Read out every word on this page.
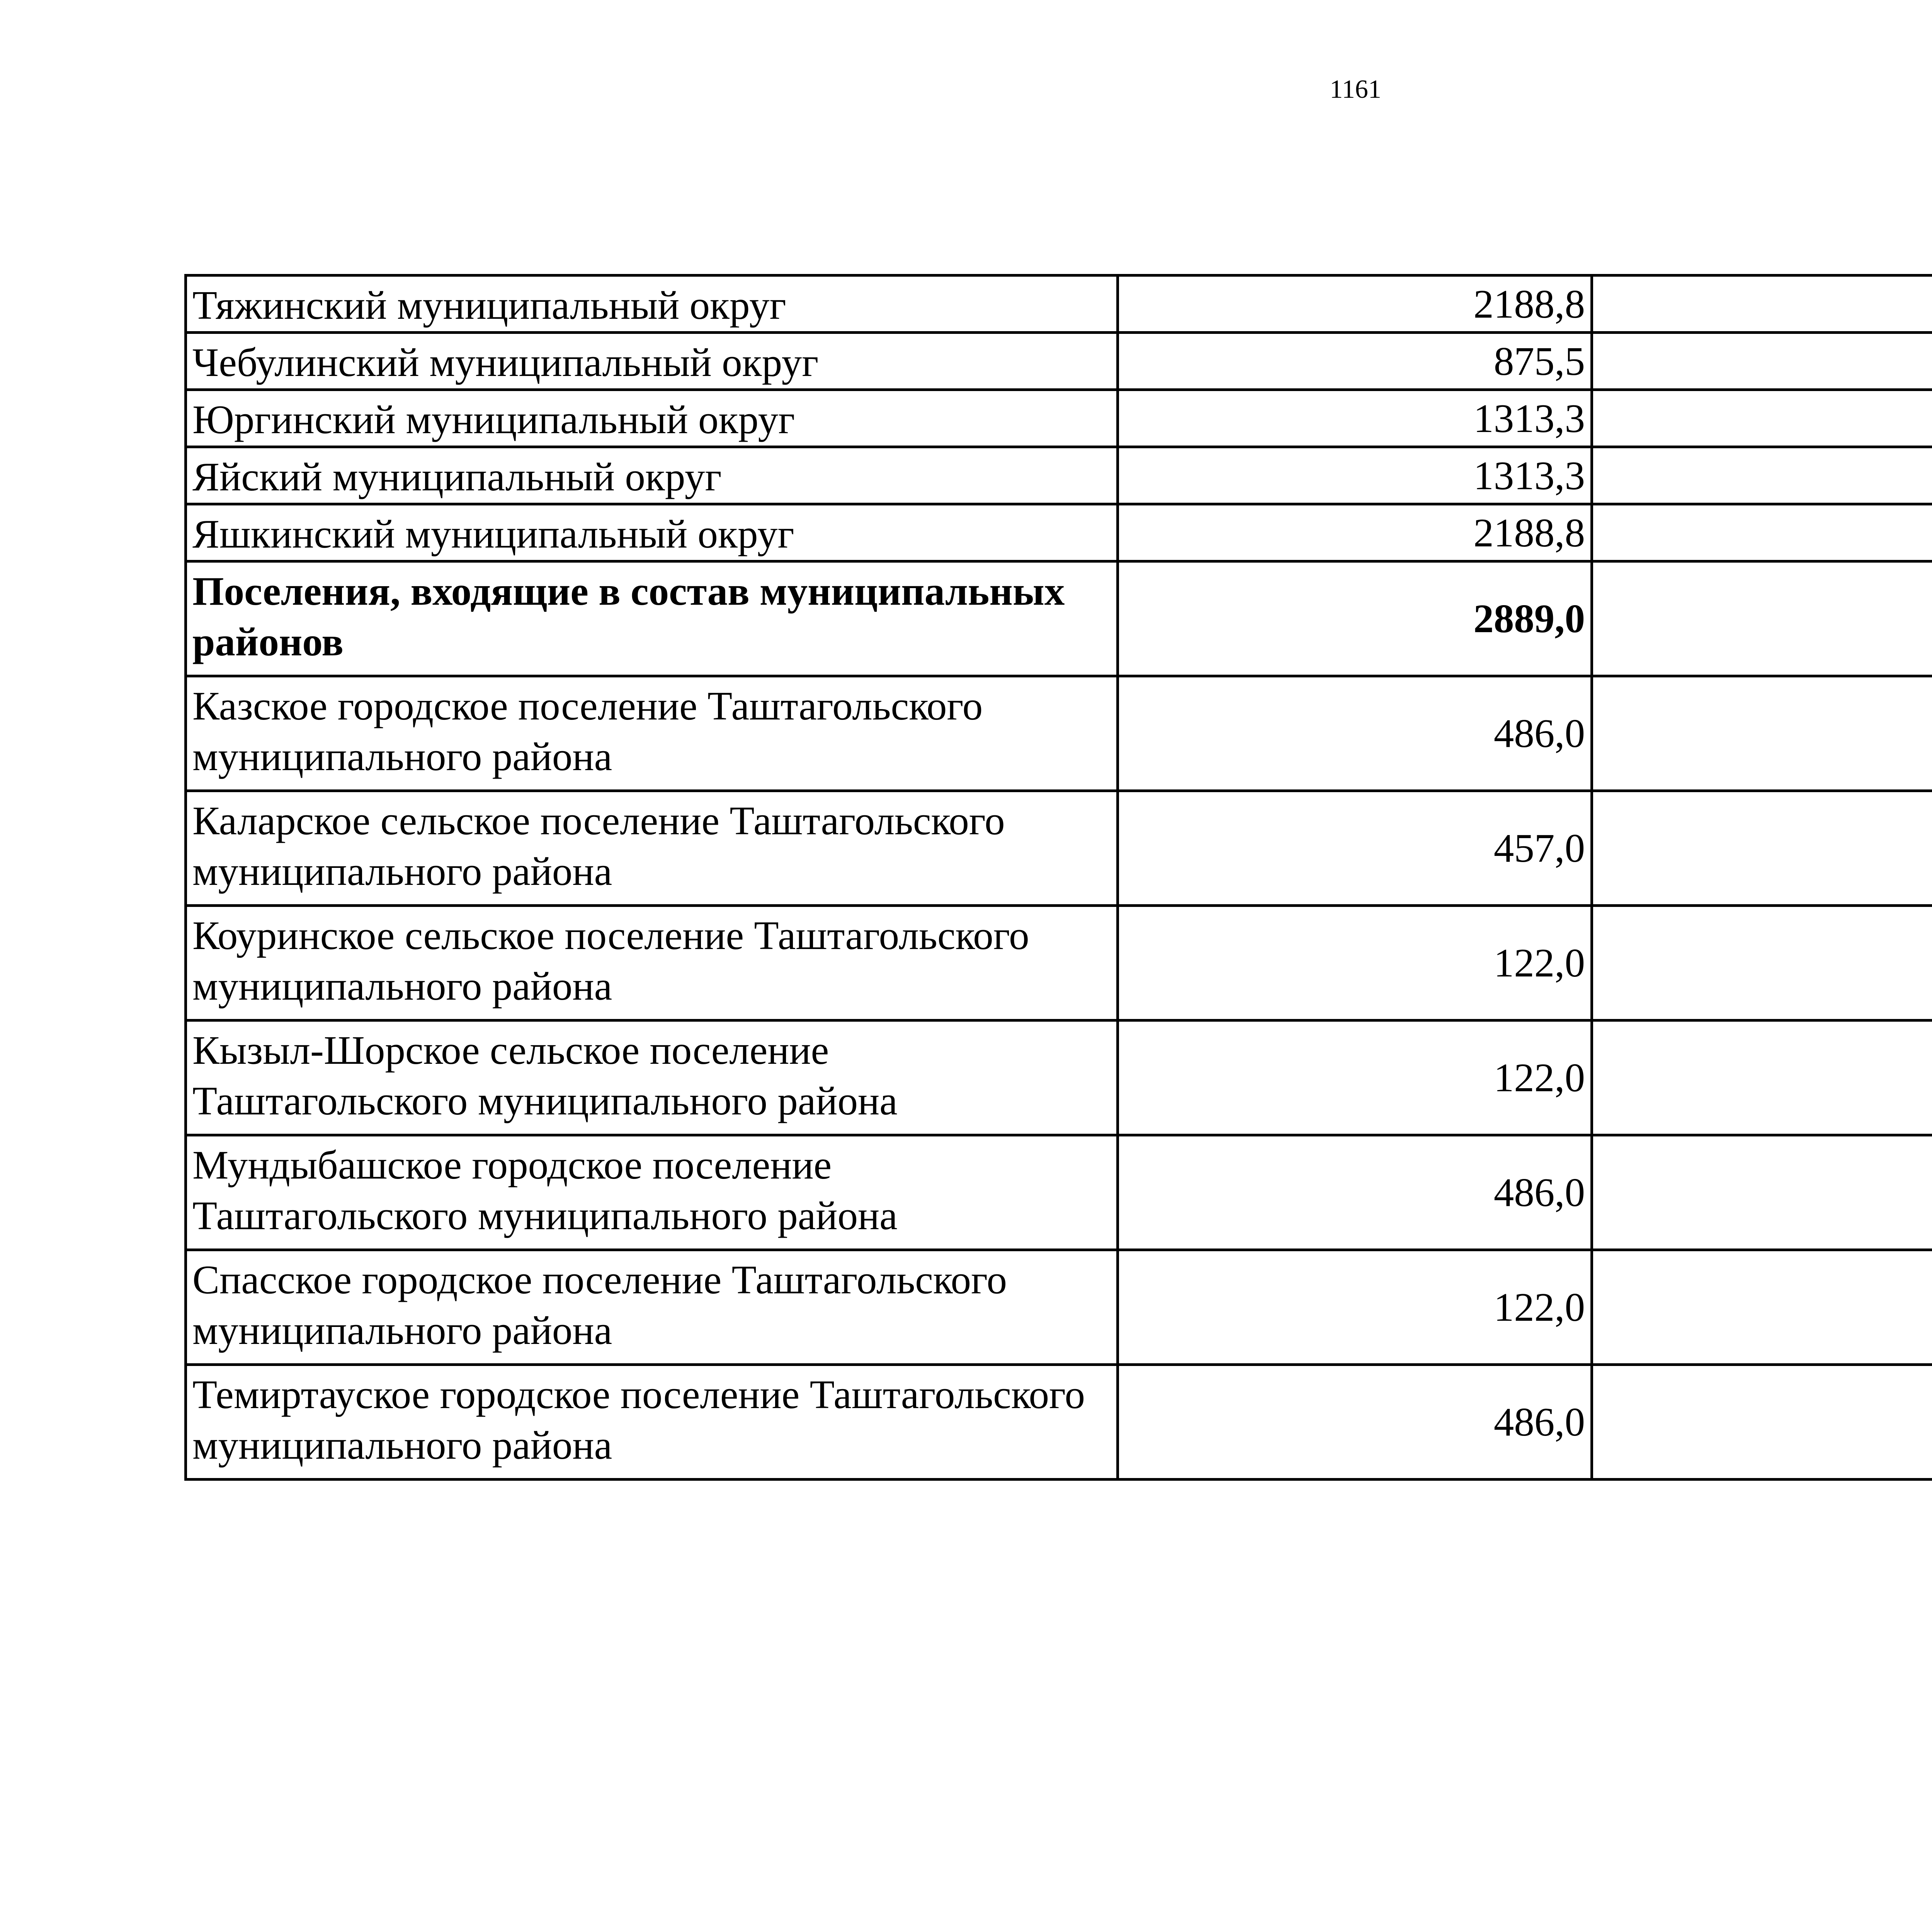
1161
Тяжинский муниципальный округ	2188,8		
Чебулинский муниципальный округ	875,5		
Юргинский муниципальный округ	1313,3		
Яйский муниципальный округ	1313,3		
Яшкинский муниципальный округ	2188,8		
Поселения, входящие в состав муниципальных районов	2889,0		
Казское городское поселение Таштагольского муниципального района	486,0		
Каларское сельское поселение Таштагольского муниципального района	457,0		
Коуринское сельское поселение Таштагольского муниципального района	122,0		
Кызыл-Шорское сельское поселение Таштагольского муниципального района	122,0		
Мундыбашское городское поселение Таштагольского муниципального района	486,0		
Спасское городское поселение Таштагольского муниципального района	122,0		
Темиртауское городское поселение Таштагольского муниципального района	486,0		
